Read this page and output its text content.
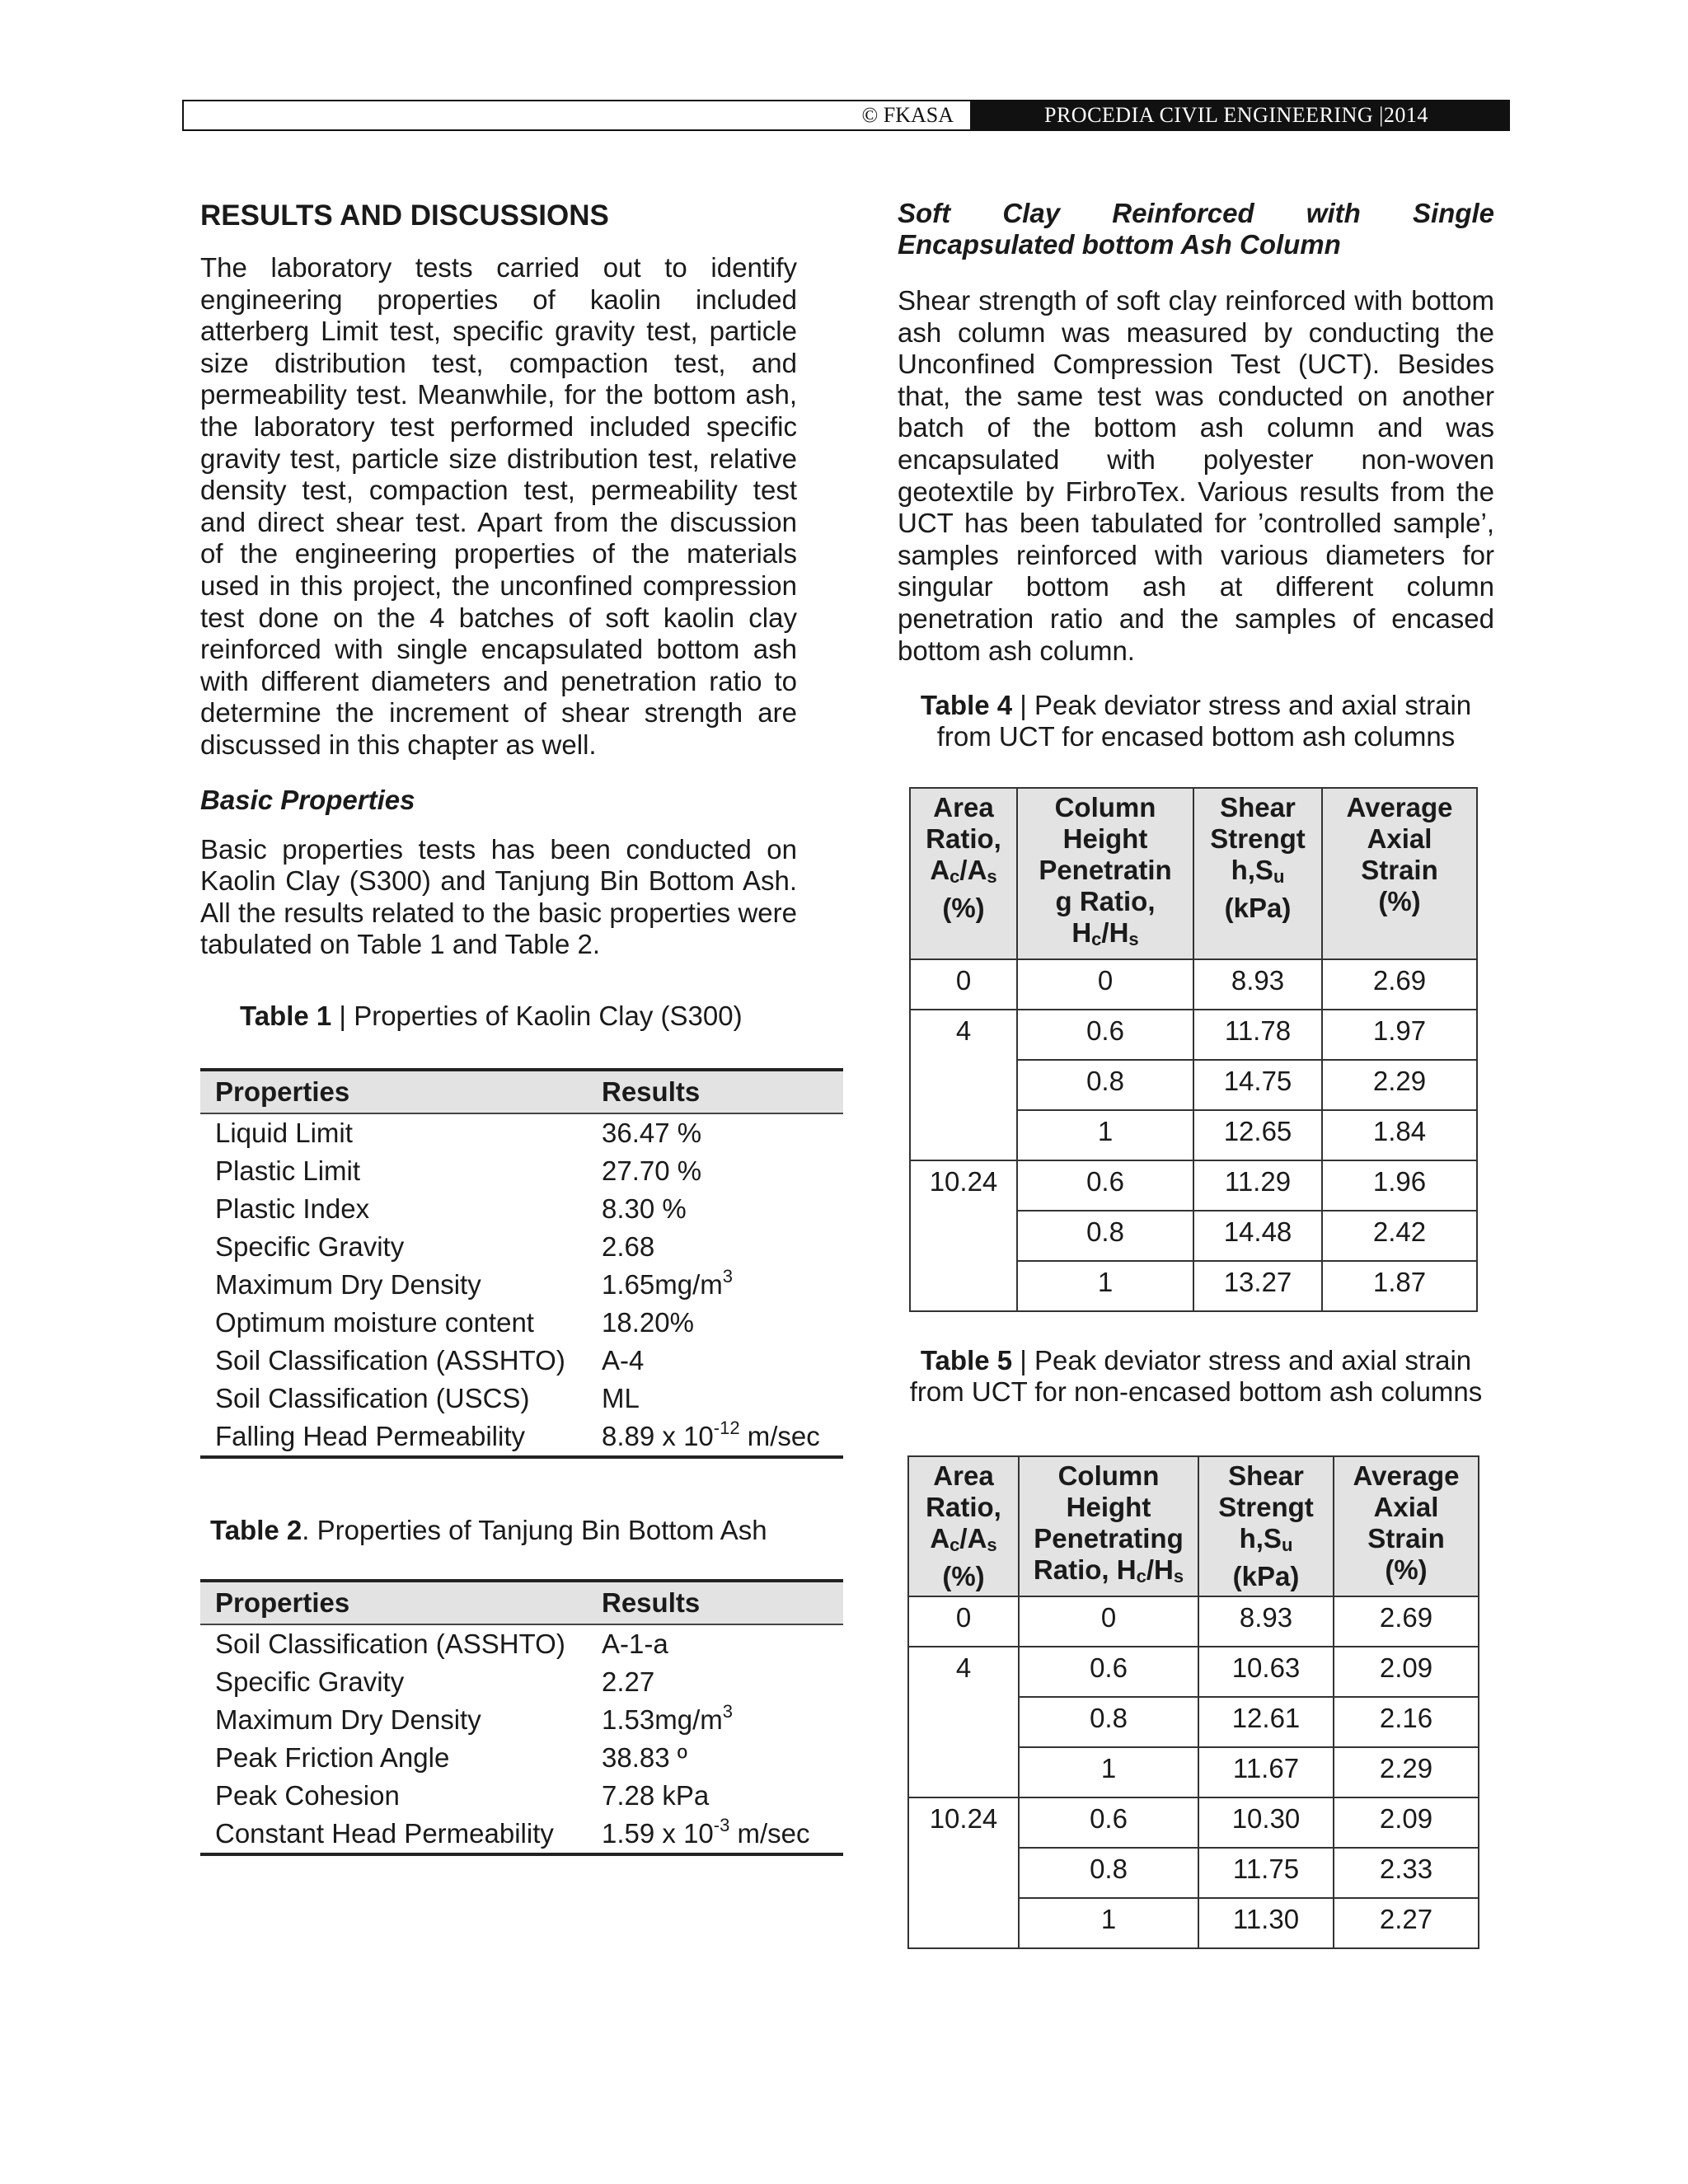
© FKASA	PROCEDIA CIVIL ENGINEERING |2014
RESULTS AND DISCUSSIONS

The laboratory tests carried out to identify engineering properties of kaolin included atterberg Limit test, specific gravity test, particle size distribution test, compaction test, and permeability test. Meanwhile, for the bottom ash, the laboratory test performed included specific gravity test, particle size distribution test, relative density test, compaction test, permeability test and direct shear test. Apart from the discussion of the engineering properties of the materials used in this project, the unconfined compression test done on the 4 batches of soft kaolin clay reinforced with single encapsulated bottom ash with different diameters and penetration ratio to determine the increment of shear strength are discussed in this chapter as well.

Basic Properties

Basic properties tests has been conducted on Kaolin Clay (S300) and Tanjung Bin Bottom Ash. All the results related to the basic properties were tabulated on Table 1 and Table 2.

Table 1 | Properties of Kaolin Clay (S300)

Properties	Results
Liquid Limit	36.47 %
Plastic Limit	27.70 %
Plastic Index	8.30 %
Specific Gravity	2.68
Maximum Dry Density	$1.65mg/m^3$
Optimum moisture content	18.20%
Soil Classification (ASSHTO)	A-4
Soil Classification (USCS)	ML
Falling Head Permeability	8.89 x $10^{-12}$ m/sec

Table 2. Properties of Tanjung Bin Bottom Ash

Properties	Results
Soil Classification (ASSHTO)	A-1-a
Specific Gravity	2.27
Maximum Dry Density	$1.53mg/m^3$
Peak Friction Angle	38.83 º
Peak Cohesion	7.28 kPa
Constant Head Permeability	1.59 x $10^{-3}$ m/sec
Soft Clay Reinforced with Single Encapsulated bottom Ash Column

Shear strength of soft clay reinforced with bottom ash column was measured by conducting the Unconfined Compression Test (UCT). Besides that, the same test was conducted on another batch of the bottom ash column and was encapsulated with polyester non-woven geotextile by FirbroTex. Various results from the UCT has been tabulated for ’controlled sample’, samples reinforced with various diameters for singular bottom ash at different column penetration ratio and the samples of encased bottom ash column.

Table 4 | Peak deviator stress and axial strain from UCT for encased bottom ash columns

Area
Ratio,
Ac/As
(%)	Column
Height
Penetratin
g Ratio,
Hc/Hs	Shear
Strengt
h,Su
(kPa)	Average
Axial
Strain
(%)
0	0	8.93	2.69
4	0.6	11.78	1.97
	0.8	14.75	2.29
	1	12.65	1.84
10.24	0.6	11.29	1.96
	0.8	14.48	2.42
	1	13.27	1.87

Table 5 | Peak deviator stress and axial strain from UCT for non-encased bottom ash columns

Area
Ratio,
Ac/As
(%)	Column
Height
Penetrating
Ratio, Hc/Hs	Shear
Strengt
h,Su
(kPa)	Average
Axial
Strain
(%)
0	0	8.93	2.69
4	0.6	10.63	2.09
	0.8	12.61	2.16
	1	11.67	2.29
10.24	0.6	10.30	2.09
	0.8	11.75	2.33
	1	11.30	2.27
